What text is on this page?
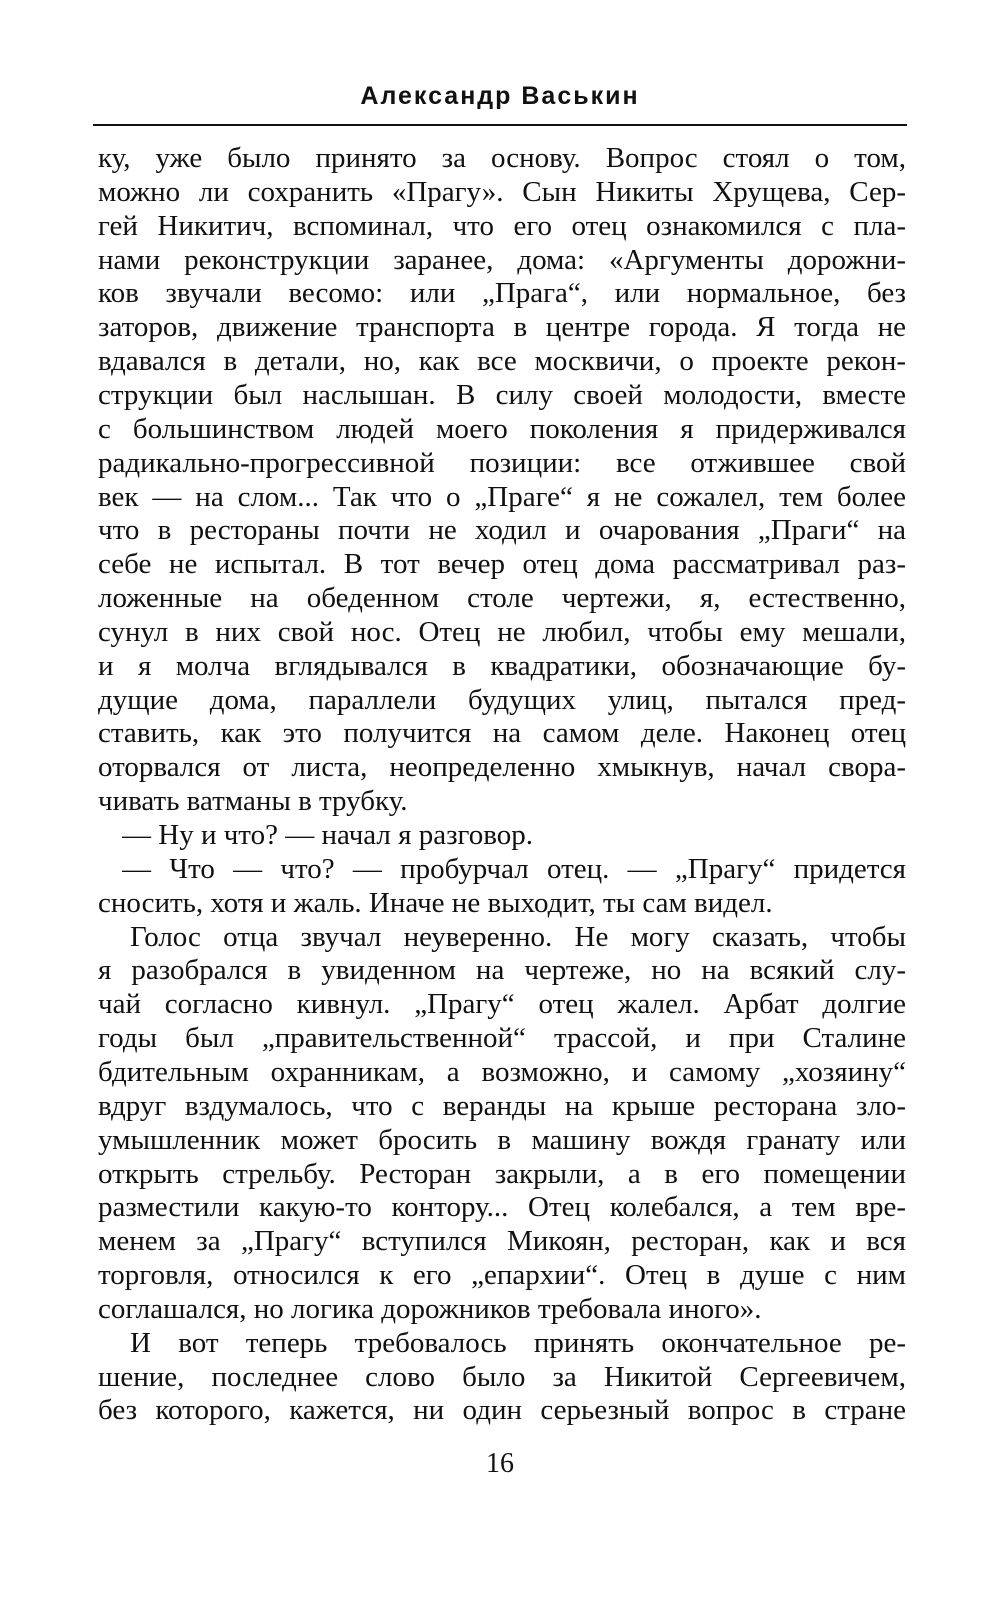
Александр Васькин
ку, уже было принято за основу. Вопрос стоял о том,
можно ли сохранить «Прагу». Сын Никиты Хрущева, Сер-
гей Никитич, вспоминал, что его отец ознакомился с пла-
нами реконструкции заранее, дома: «Аргументы дорожни-
ков звучали весомо: или „Прага“, или нормальное, без
заторов, движение транспорта в центре города. Я тогда не
вдавался в детали, но, как все москвичи, о проекте рекон-
струкции был наслышан. В силу своей молодости, вместе
с большинством людей моего поколения я придерживался
радикально-прогрессивной позиции: все отжившее свой
век — на слом... Так что о „Праге“ я не сожалел, тем более
что в рестораны почти не ходил и очарования „Праги“ на
себе не испытал. В тот вечер отец дома рассматривал раз-
ложенные на обеденном столе чертежи, я, естественно,
сунул в них свой нос. Отец не любил, чтобы ему мешали,
и я молча вглядывался в квадратики, обозначающие бу-
дущие дома, параллели будущих улиц, пытался пред-
ставить, как это получится на самом деле. Наконец отец
оторвался от листа, неопределенно хмыкнув, начал свора-
чивать ватманы в трубку.
— Ну и что? — начал я разговор.
— Что — что? — пробурчал отец. — „Прагу“ придется
сносить, хотя и жаль. Иначе не выходит, ты сам видел.
Голос отца звучал неуверенно. Не могу сказать, чтобы
я разобрался в увиденном на чертеже, но на всякий слу-
чай согласно кивнул. „Прагу“ отец жалел. Арбат долгие
годы был „правительственной“ трассой, и при Сталине
бдительным охранникам, а возможно, и самому „хозяину“
вдруг вздумалось, что с веранды на крыше ресторана зло-
умышленник может бросить в машину вождя гранату или
открыть стрельбу. Ресторан закрыли, а в его помещении
разместили какую-то контору... Отец колебался, а тем вре-
менем за „Прагу“ вступился Микоян, ресторан, как и вся
торговля, относился к его „епархии“. Отец в душе с ним
соглашался, но логика дорожников требовала иного».
И вот теперь требовалось принять окончательное ре-
шение, последнее слово было за Никитой Сергеевичем,
без которого, кажется, ни один серьезный вопрос в стране
16
